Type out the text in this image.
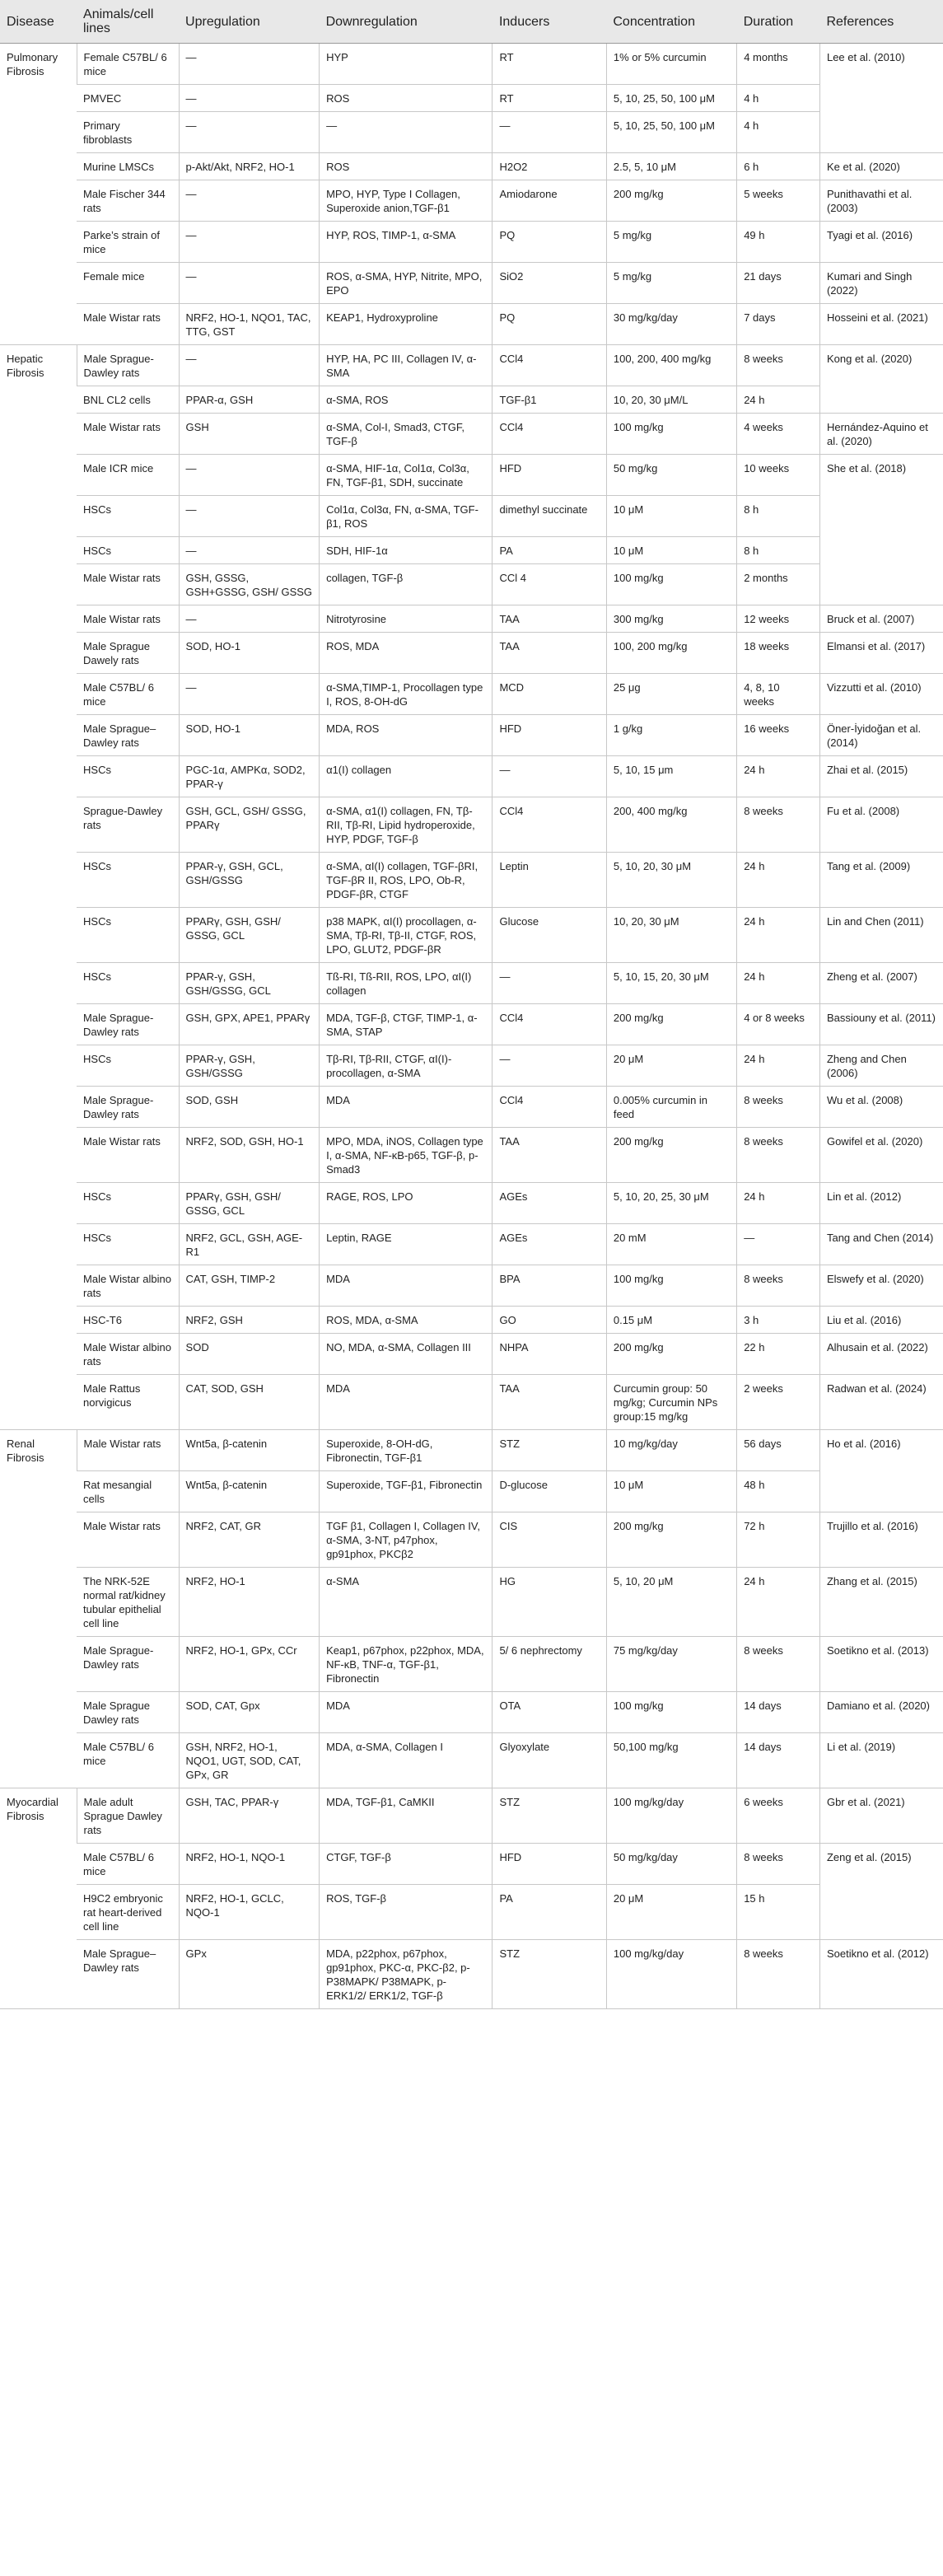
Disease	Animals/cell lines	Upregulation	Downregulation	Inducers	Concentration	Duration	References
Pulmonary Fibrosis	Female C57BL/ 6 mice	—	HYP	RT	1% or 5% curcumin	4 months	Lee et al. (2010)
	PMVEC	—	ROS	RT	5, 10, 25, 50, 100 μM	4 h	
	Primary fibroblasts	—	—	—	5, 10, 25, 50, 100 μM	4 h	
	Murine LMSCs	p-Akt/Akt, NRF2, HO-1	ROS	H2O2	2.5, 5, 10 μM	6 h	Ke et al. (2020)
	Male Fischer 344 rats	—	MPO, HYP, Type I Collagen, Superoxide anion,TGF-β1	Amiodarone	200 mg/kg	5 weeks	Punithavathi et al. (2003)
	Parke’s strain of mice	—	HYP, ROS, TIMP-1, α-SMA	PQ	5 mg/kg	49 h	Tyagi et al. (2016)
	Female mice	—	ROS, α-SMA, HYP, Nitrite, MPO, EPO	SiO2	5 mg/kg	21 days	Kumari and Singh (2022)
	Male Wistar rats	NRF2, HO-1, NQO1, TAC, TTG, GST	KEAP1, Hydroxyproline	PQ	30 mg/kg/day	7 days	Hosseini et al. (2021)
Hepatic Fibrosis	Male Sprague-Dawley rats	—	HYP, HA, PC III, Collagen IV, α-SMA	CCl4	100, 200, 400 mg/kg	8 weeks	Kong et al. (2020)
	BNL CL2 cells	PPAR-α, GSH	α-SMA, ROS	TGF-β1	10, 20, 30 μM/L	24 h	
	Male Wistar rats	GSH	α-SMA, Col-I, Smad3, CTGF, TGF-β	CCl4	100 mg/kg	4 weeks	Hernández-Aquino et al. (2020)
	Male ICR mice	—	α-SMA, HIF-1α, Col1α, Col3α, FN, TGF-β1, SDH, succinate	HFD	50 mg/kg	10 weeks	She et al. (2018)
	HSCs	—	Col1α, Col3α, FN, α-SMA, TGF-β1, ROS	dimethyl succinate	10 μM	8 h	
	HSCs	—	SDH, HIF-1α	PA	10 μM	8 h	
	Male Wistar rats	GSH, GSSG, GSH+GSSG, GSH/ GSSG	collagen, TGF-β	CCl 4	100 mg/kg	2 months	
	Male Wistar rats	—	Nitrotyrosine	TAA	300 mg/kg	12 weeks	Bruck et al. (2007)
	Male Sprague Dawely rats	SOD, HO-1	ROS, MDA	TAA	100, 200 mg/kg	18 weeks	Elmansi et al. (2017)
	Male C57BL/ 6 mice	—	α-SMA,TIMP-1, Procollagen type I, ROS, 8-OH-dG	MCD	25 μg	4, 8, 10 weeks	Vizzutti et al. (2010)
	Male Sprague–Dawley rats	SOD, HO-1	MDA, ROS	HFD	1 g/kg	16 weeks	Öner-İyidoğan et al. (2014)
	HSCs	PGC-1α, AMPKα, SOD2, PPAR-γ	α1(I) collagen	—	5, 10, 15 μm	24 h	Zhai et al. (2015)
	Sprague-Dawley rats	GSH, GCL, GSH/ GSSG, PPARγ	α-SMA, α1(I) collagen, FN, Tβ-RII, Tβ-RI, Lipid hydroperoxide, HYP, PDGF, TGF-β	CCl4	200, 400 mg/kg	8 weeks	Fu et al. (2008)
	HSCs	PPAR-γ, GSH, GCL, GSH/GSSG	α-SMA, αI(I) collagen, TGF-βRI, TGF-βR II, ROS, LPO, Ob-R, PDGF-βR, CTGF	Leptin	5, 10, 20, 30 μM	24 h	Tang et al. (2009)
	HSCs	PPARγ, GSH, GSH/ GSSG, GCL	p38 MAPK, αI(I) procollagen, α-SMA, Tβ-RI, Tβ-II, CTGF, ROS, LPO, GLUT2, PDGF-βR	Glucose	10, 20, 30 μM	24 h	Lin and Chen (2011)
	HSCs	PPAR-γ, GSH, GSH/GSSG, GCL	Tß-RI, Tß-RII, ROS, LPO, αI(I) collagen	—	5, 10, 15, 20, 30 μM	24 h	Zheng et al. (2007)
	Male Sprague-Dawley rats	GSH, GPX, APE1, PPARγ	MDA, TGF-β, CTGF, TIMP-1, α-SMA, STAP	CCl4	200 mg/kg	4 or 8 weeks	Bassiouny et al. (2011)
	HSCs	PPAR-γ, GSH, GSH/GSSG	Tβ-RI, Tβ-RII, CTGF, αI(I)-procollagen, α-SMA	—	20 μM	24 h	Zheng and Chen (2006)
	Male Sprague-Dawley rats	SOD, GSH	MDA	CCl4	0.005% curcumin in feed	8 weeks	Wu et al. (2008)
	Male Wistar rats	NRF2, SOD, GSH, HO-1	MPO, MDA, iNOS, Collagen type I, α-SMA, NF-κB-p65, TGF-β, p-Smad3	TAA	200 mg/kg	8 weeks	Gowifel et al. (2020)
	HSCs	PPARγ, GSH, GSH/ GSSG, GCL	RAGE, ROS, LPO	AGEs	5, 10, 20, 25, 30 μM	24 h	Lin et al. (2012)
	HSCs	NRF2, GCL, GSH, AGE-R1	Leptin, RAGE	AGEs	20 mM	—	Tang and Chen (2014)
	Male Wistar albino rats	CAT, GSH, TIMP-2	MDA	BPA	100 mg/kg	8 weeks	Elswefy et al. (2020)
	HSC-T6	NRF2, GSH	ROS, MDA, α-SMA	GO	0.15 μM	3 h	Liu et al. (2016)
	Male Wistar albino rats	SOD	NO, MDA, α-SMA, Collagen III	NHPA	200 mg/kg	22 h	Alhusain et al. (2022)
	Male Rattus norvigicus	CAT, SOD, GSH	MDA	TAA	Curcumin group: 50 mg/kg; Curcumin NPs group:15 mg/kg	2 weeks	Radwan et al. (2024)
Renal Fibrosis	Male Wistar rats	Wnt5a, β-catenin	Superoxide, 8-OH-dG, Fibronectin, TGF-β1	STZ	10 mg/kg/day	56 days	Ho et al. (2016)
	Rat mesangial cells	Wnt5a, β-catenin	Superoxide, TGF-β1, Fibronectin	D-glucose	10 μM	48 h	
	Male Wistar rats	NRF2, CAT, GR	TGF β1, Collagen I, Collagen IV, α-SMA, 3-NT, p47phox, gp91phox, PKCβ2	CIS	200 mg/kg	72 h	Trujillo et al. (2016)
	The NRK-52E normal rat/kidney tubular epithelial cell line	NRF2, HO-1	α-SMA	HG	5, 10, 20 μM	24 h	Zhang et al. (2015)
	Male Sprague-Dawley rats	NRF2, HO-1, GPx, CCr	Keap1, p67phox, p22phox, MDA, NF-κB, TNF-α, TGF-β1, Fibronectin	5/ 6 nephrectomy	75 mg/kg/day	8 weeks	Soetikno et al. (2013)
	Male Sprague Dawley rats	SOD, CAT, Gpx	MDA	OTA	100 mg/kg	14 days	Damiano et al. (2020)
	Male C57BL/ 6 mice	GSH, NRF2, HO-1, NQO1, UGT, SOD, CAT, GPx, GR	MDA, α-SMA, Collagen I	Glyoxylate	50,100 mg/kg	14 days	Li et al. (2019)
Myocardial Fibrosis	Male adult Sprague Dawley rats	GSH, TAC, PPAR-γ	MDA, TGF-β1, CaMKII	STZ	100 mg/kg/day	6 weeks	Gbr et al. (2021)
	Male C57BL/ 6 mice	NRF2, HO-1, NQO-1	CTGF, TGF-β	HFD	50 mg/kg/day	8 weeks	Zeng et al. (2015)
	H9C2 embryonic rat heart-derived cell line	NRF2, HO-1, GCLC, NQO-1	ROS, TGF-β	PA	20 μM	15 h	
	Male Sprague–Dawley rats	GPx	MDA, p22phox, p67phox, gp91phox, PKC-α, PKC-β2, p-P38MAPK/ P38MAPK, p-ERK1/2/ ERK1/2, TGF-β	STZ	100 mg/kg/day	8 weeks	Soetikno et al. (2012)
